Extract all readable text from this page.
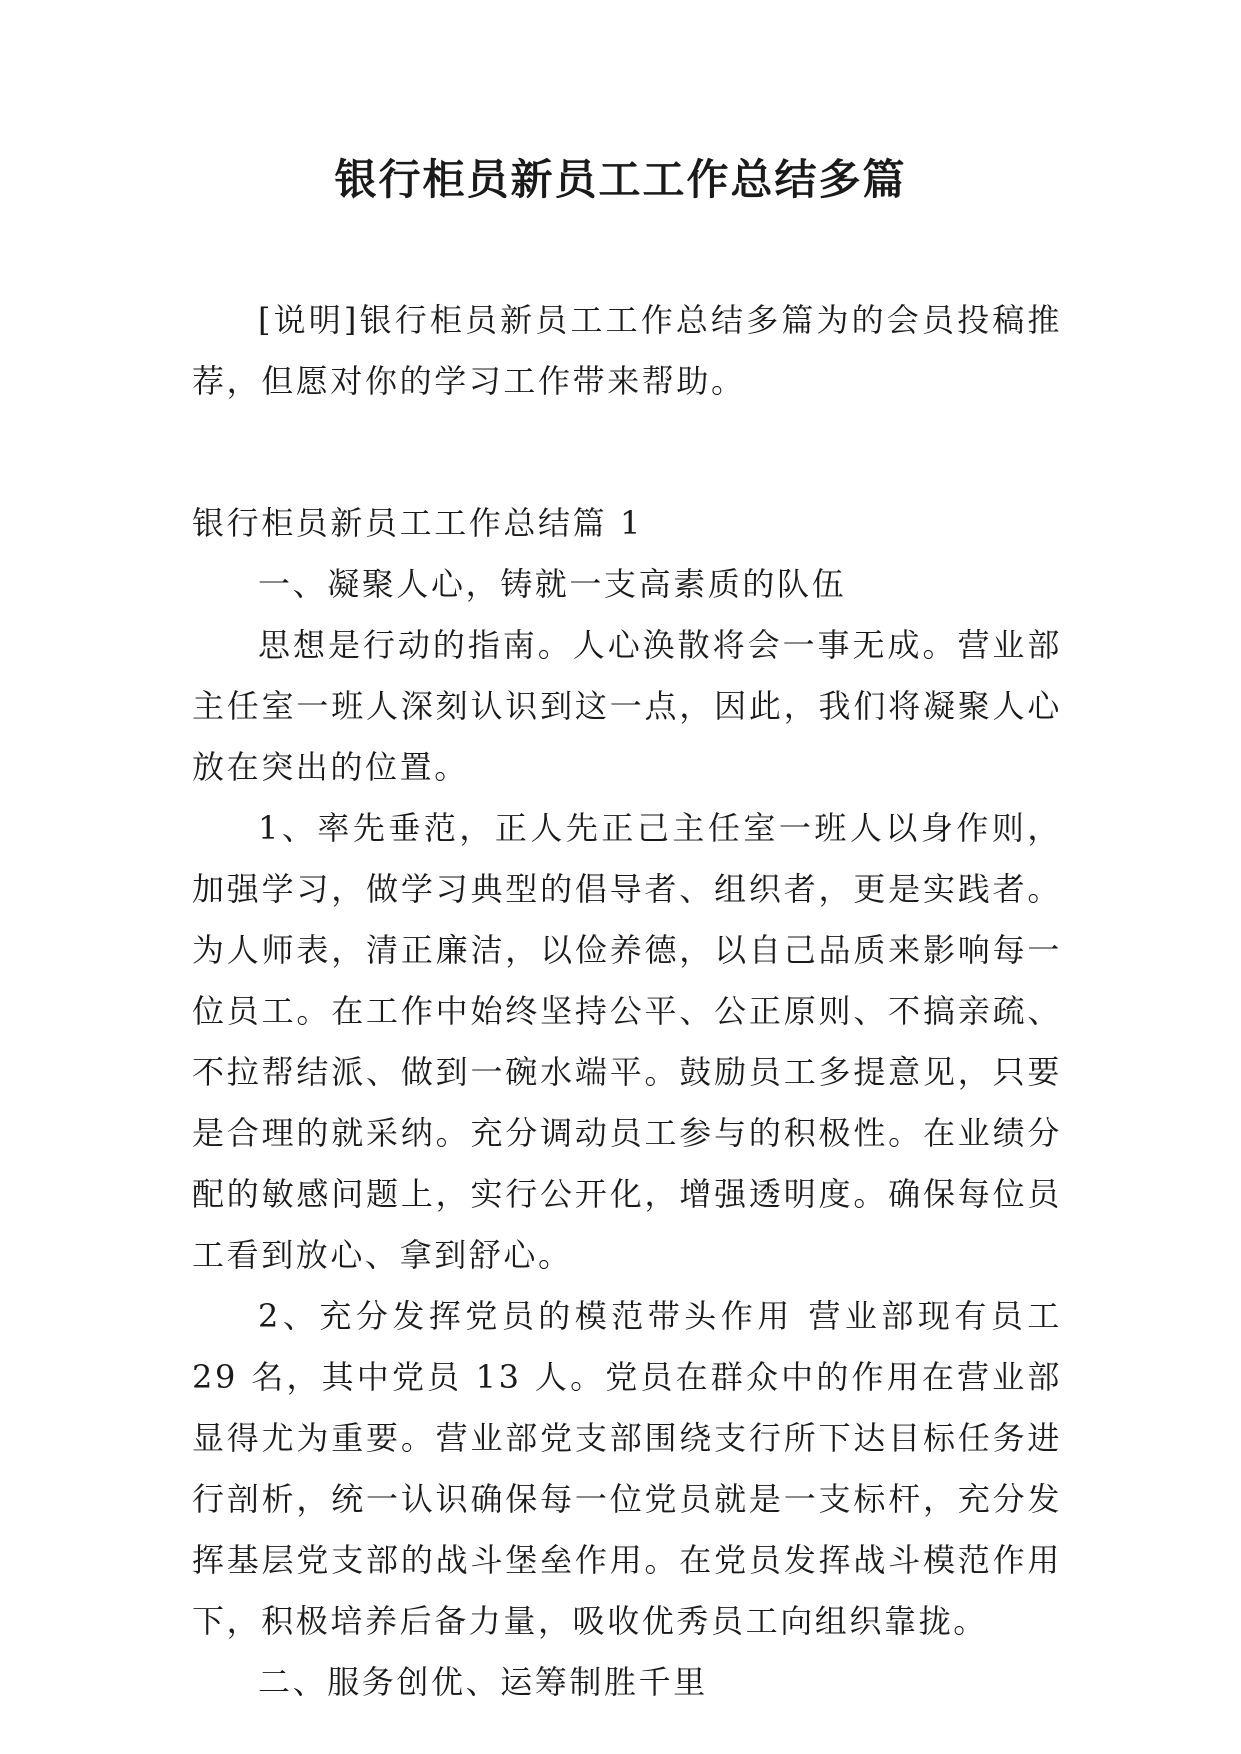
银行柜员新员工工作总结多篇

[说明]银行柜员新员工工作总结多篇为的会员投稿推荐，但愿对你的学习工作带来帮助。

银行柜员新员工工作总结篇 1

一、凝聚人心，铸就一支高素质的队伍

思想是行动的指南。人心涣散将会一事无成。营业部主任室一班人深刻认识到这一点，因此，我们将凝聚人心放在突出的位置。

1、率先垂范，正人先正己主任室一班人以身作则，加强学习，做学习典型的倡导者、组织者，更是实践者。为人师表，清正廉洁，以俭养德，以自己品质来影响每一位员工。在工作中始终坚持公平、公正原则、不搞亲疏、不拉帮结派、做到一碗水端平。鼓励员工多提意见，只要是合理的就采纳。充分调动员工参与的积极性。在业绩分配的敏感问题上，实行公开化，增强透明度。确保每位员工看到放心、拿到舒心。

2、充分发挥党员的模范带头作用 营业部现有员工 29 名，其中党员 13 人。党员在群众中的作用在营业部显得尤为重要。营业部党支部围绕支行所下达目标任务进行剖析，统一认识确保每一位党员就是一支标杆，充分发挥基层党支部的战斗堡垒作用。在党员发挥战斗模范作用下，积极培养后备力量，吸收优秀员工向组织靠拢。

二、服务创优、运筹制胜千里
